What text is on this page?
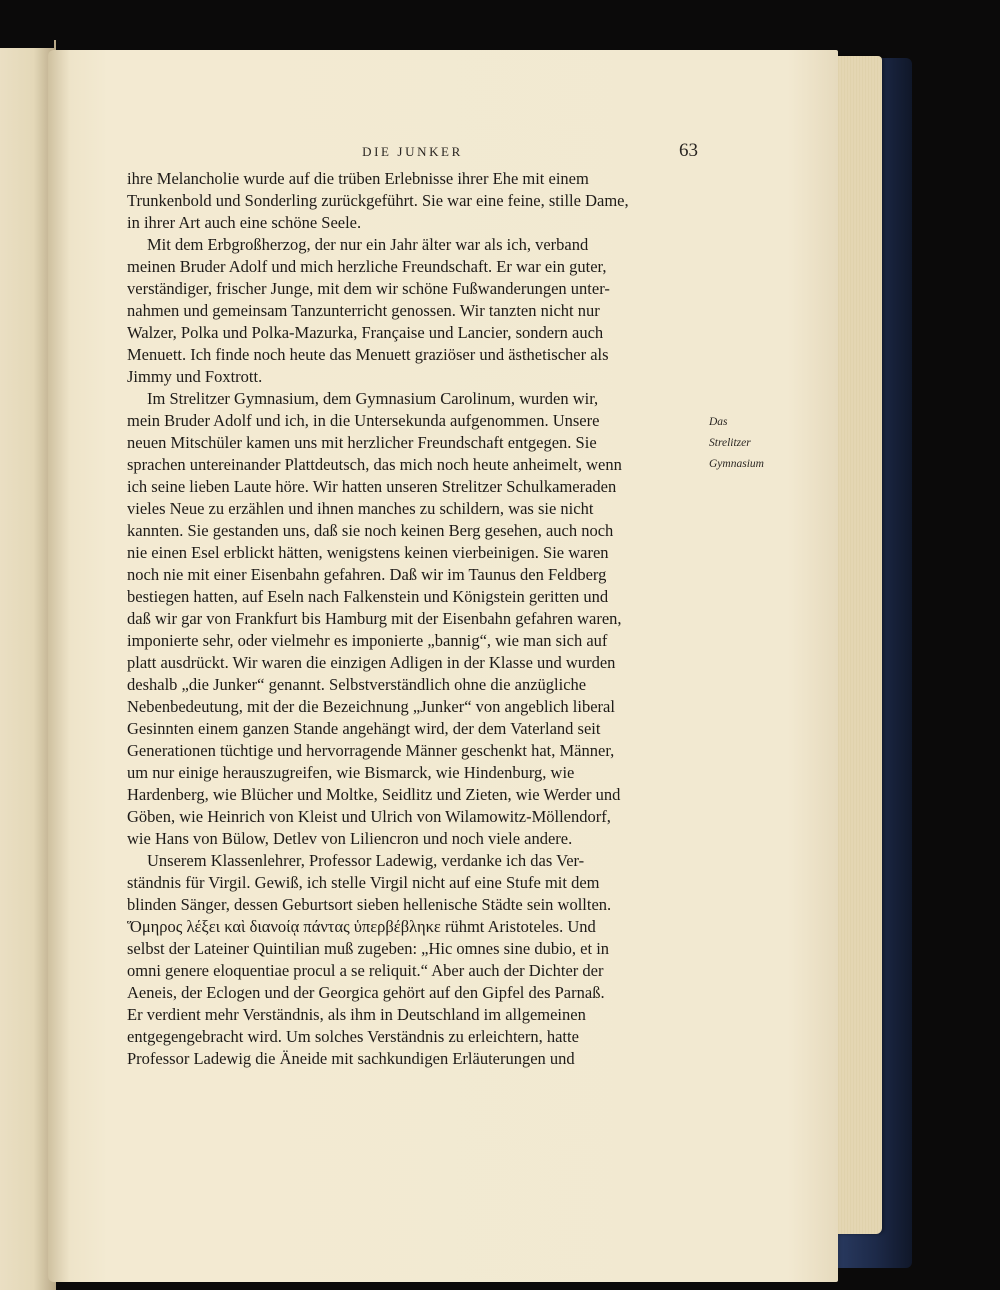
DIE JUNKER	63
ihre Melancholie wurde auf die trüben Erlebnisse ihrer Ehe mit einem
Trunkenbold und Sonderling zurückgeführt. Sie war eine feine, stille Dame,
in ihrer Art auch eine schöne Seele.
Mit dem Erbgroßherzog, der nur ein Jahr älter war als ich, verband
meinen Bruder Adolf und mich herzliche Freundschaft. Er war ein guter,
verständiger, frischer Junge, mit dem wir schöne Fußwanderungen unter-
nahmen und gemeinsam Tanzunterricht genossen. Wir tanzten nicht nur
Walzer, Polka und Polka-Mazurka, Française und Lancier, sondern auch
Menuett. Ich finde noch heute das Menuett graziöser und ästhetischer als
Jimmy und Foxtrott.
Im Strelitzer Gymnasium, dem Gymnasium Carolinum, wurden wir,
mein Bruder Adolf und ich, in die Untersekunda aufgenommen. Unsere
neuen Mitschüler kamen uns mit herzlicher Freundschaft entgegen. Sie
sprachen untereinander Plattdeutsch, das mich noch heute anheimelt, wenn
ich seine lieben Laute höre. Wir hatten unseren Strelitzer Schulkameraden
vieles Neue zu erzählen und ihnen manches zu schildern, was sie nicht
kannten. Sie gestanden uns, daß sie noch keinen Berg gesehen, auch noch
nie einen Esel erblickt hätten, wenigstens keinen vierbeinigen. Sie waren
noch nie mit einer Eisenbahn gefahren. Daß wir im Taunus den Feldberg
bestiegen hatten, auf Eseln nach Falkenstein und Königstein geritten und
daß wir gar von Frankfurt bis Hamburg mit der Eisenbahn gefahren waren,
imponierte sehr, oder vielmehr es imponierte „bannig“, wie man sich auf
platt ausdrückt. Wir waren die einzigen Adligen in der Klasse und wurden
deshalb „die Junker“ genannt. Selbstverständlich ohne die anzügliche
Nebenbedeutung, mit der die Bezeichnung „Junker“ von angeblich liberal
Gesinnten einem ganzen Stande angehängt wird, der dem Vaterland seit
Generationen tüchtige und hervorragende Männer geschenkt hat, Männer,
um nur einige herauszugreifen, wie Bismarck, wie Hindenburg, wie
Hardenberg, wie Blücher und Moltke, Seidlitz und Zieten, wie Werder und
Göben, wie Heinrich von Kleist und Ulrich von Wilamowitz-Möllendorf,
wie Hans von Bülow, Detlev von Liliencron und noch viele andere.
Unserem Klassenlehrer, Professor Ladewig, verdanke ich das Ver-
ständnis für Virgil. Gewiß, ich stelle Virgil nicht auf eine Stufe mit dem
blinden Sänger, dessen Geburtsort sieben hellenische Städte sein wollten.
Ὅμηρος λέξει καὶ διανοίᾳ πάντας ὑπερβέβληκε rühmt Aristoteles. Und
selbst der Lateiner Quintilian muß zugeben: „Hic omnes sine dubio, et in
omni genere eloquentiae procul a se reliquit.“ Aber auch der Dichter der
Aeneis, der Eclogen und der Georgica gehört auf den Gipfel des Parnaß.
Er verdient mehr Verständnis, als ihm in Deutschland im allgemeinen
entgegengebracht wird. Um solches Verständnis zu erleichtern, hatte
Professor Ladewig die Äneide mit sachkundigen Erläuterungen und
Das
Strelitzer
Gymnasium
